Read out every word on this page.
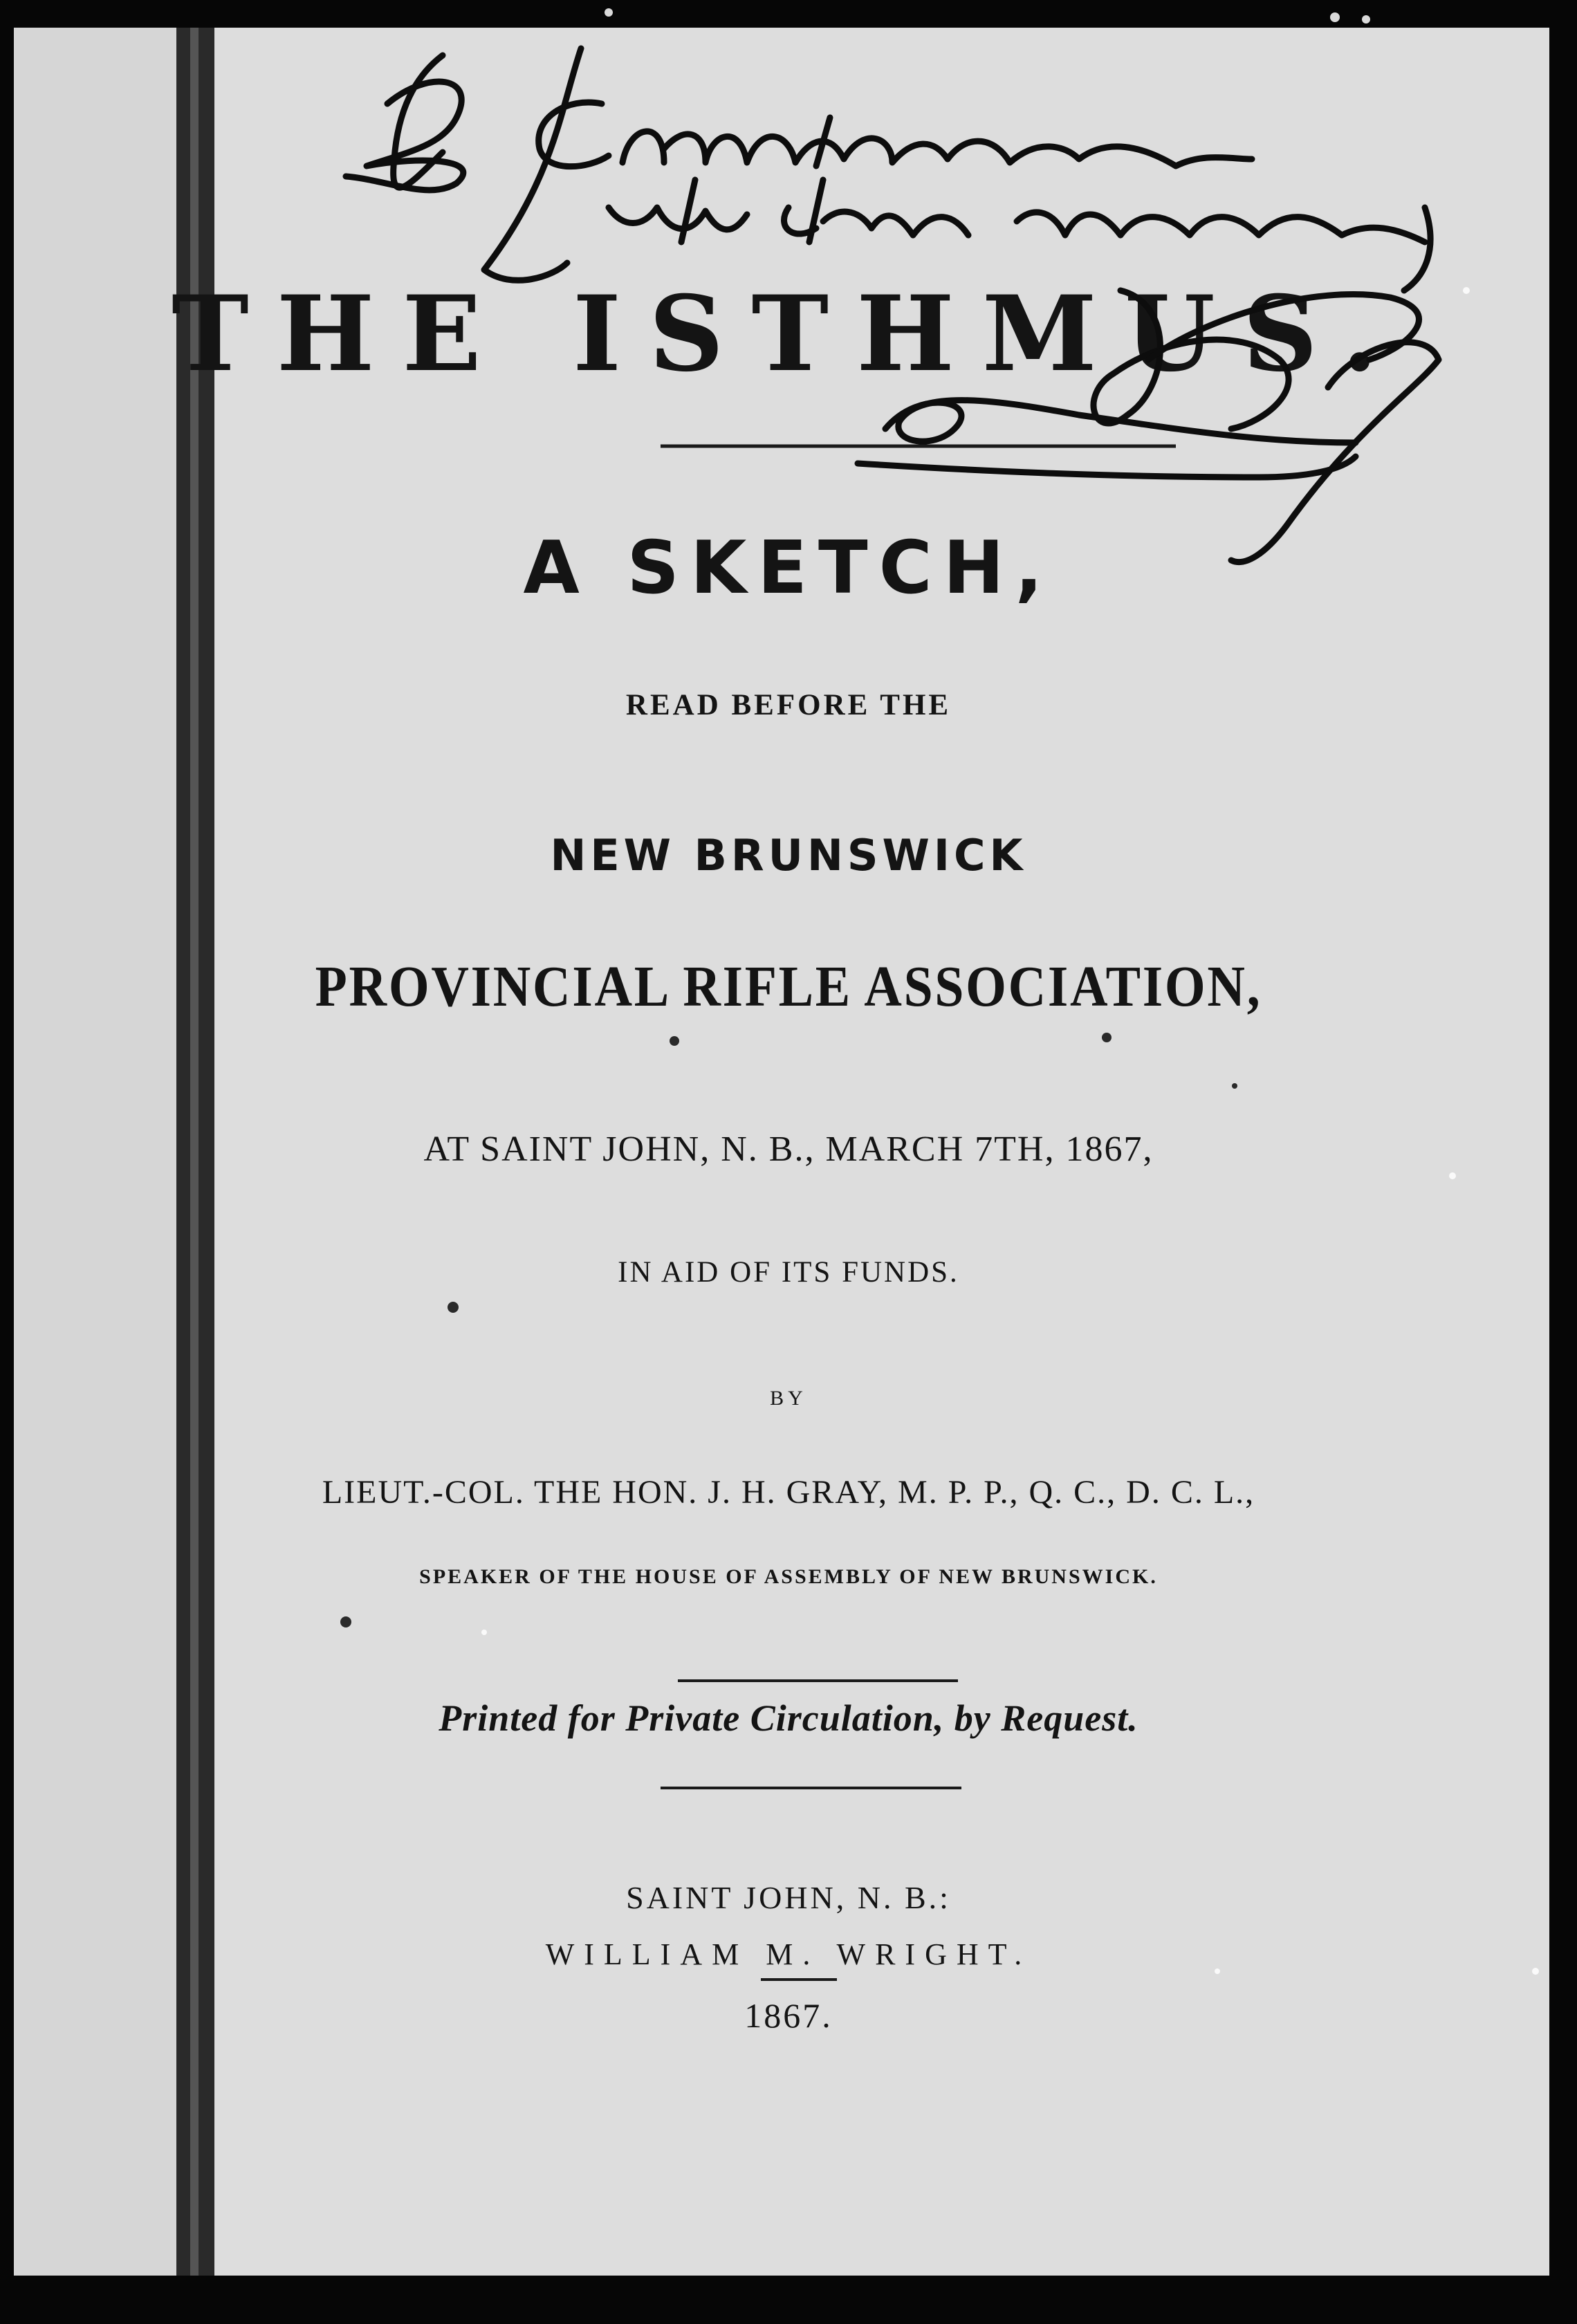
THE ISTHMUS.
A SKETCH,
READ BEFORE THE
NEW BRUNSWICK
PROVINCIAL RIFLE ASSOCIATION,
AT SAINT JOHN, N. B., MARCH 7TH, 1867,
IN AID OF ITS FUNDS.
BY
LIEUT.-COL. THE HON. J. H. GRAY, M. P. P., Q. C., D. C. L.,
SPEAKER OF THE HOUSE OF ASSEMBLY OF NEW BRUNSWICK.
Printed for Private Circulation, by Request.
SAINT JOHN, N. B.:
WILLIAM M. WRIGHT.
1867.
